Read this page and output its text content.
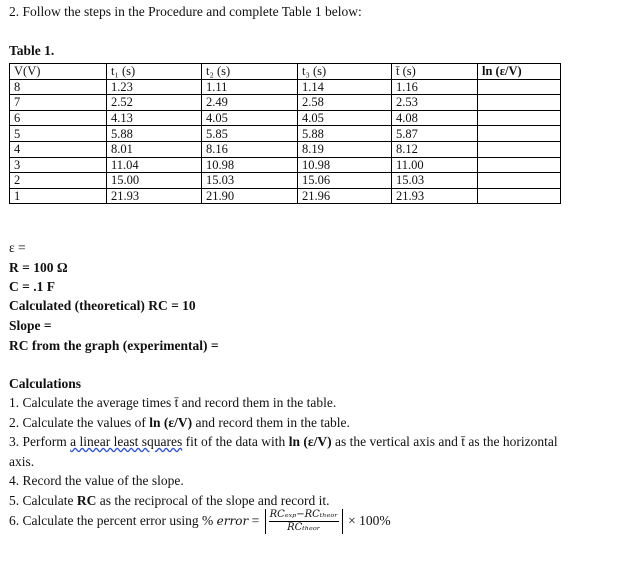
2. Follow the steps in the Procedure and complete Table 1 below:
Table 1.
V(V)	t₁ (s)	t₂ (s)	t₃ (s)	t̄ (s)	ln (ε/V)
8	1.23	1.11	1.14	1.16	
7	2.52	2.49	2.58	2.53	
6	4.13	4.05	4.05	4.08	
5	5.88	5.85	5.88	5.87	
4	8.01	8.16	8.19	8.12	
3	11.04	10.98	10.98	11.00	
2	15.00	15.03	15.06	15.03	
1	21.93	21.90	21.96	21.93	
ε =
R = 100 Ω
C = .1 F
Calculated (theoretical) RC = 10
Slope =
RC from the graph (experimental) =
Calculations
1. Calculate the average times t̄ and record them in the table.
2. Calculate the values of ln (ε/V) and record them in the table.
3. Perform a linear least squares fit of the data with ln (ε/V) as the vertical axis and t̄ as the horizontal
axis.
4. Record the value of the slope.
5. Calculate RC as the reciprocal of the slope and record it.
6. Calculate the percent error using % error = $\frac{\text{RCₑₓₚ−RCₜₕₑₒᵣ}}{\text{RCₜₕₑₒᵣ}} \times 100\%$
